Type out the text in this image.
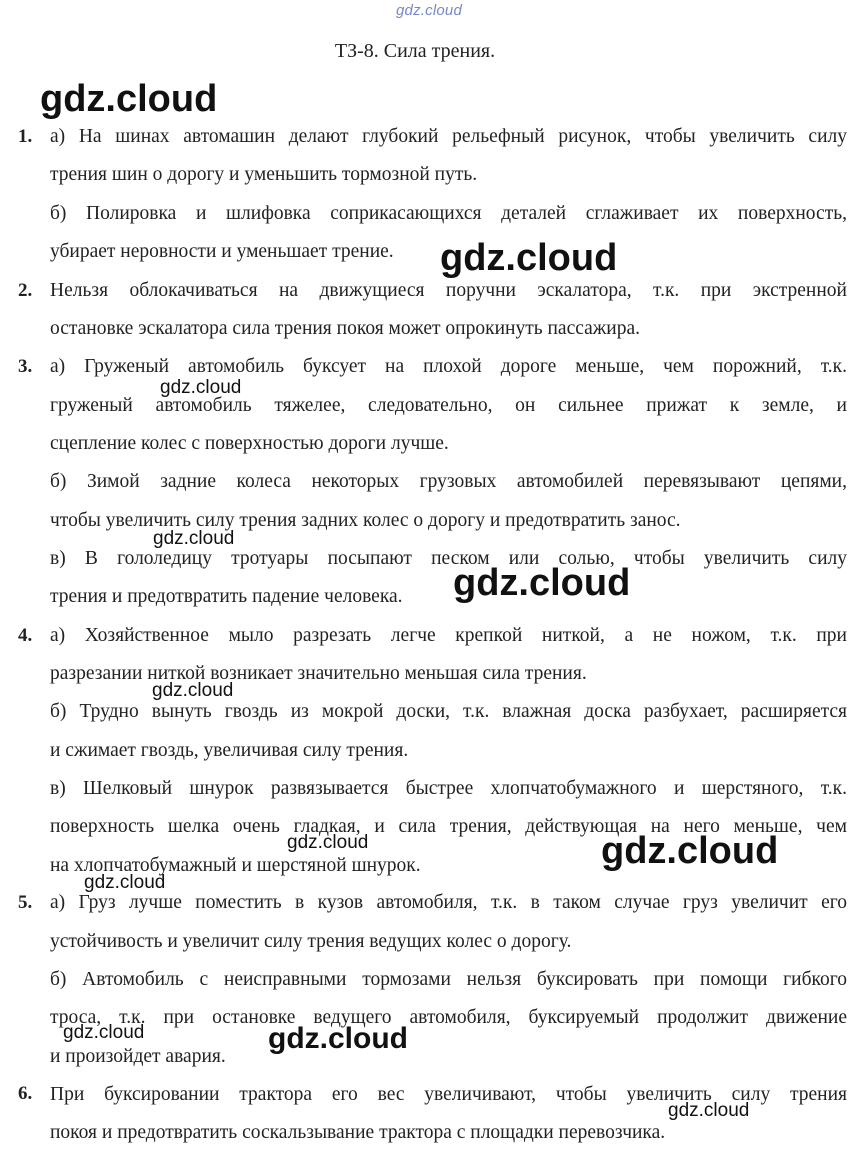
gdz.cloud
ТЗ-8. Сила трения.
1.
2.
3.
4.
5.
6.
а) На шинах автомашин делают глубокий рельефный рисунок, чтобы увеличить силу
трения шин о дорогу и уменьшить тормозной путь.
б) Полировка и шлифовка соприкасающихся деталей сглаживает их поверхность,
убирает неровности и уменьшает трение.
Нельзя облокачиваться на движущиеся поручни эскалатора, т.к. при экстренной
остановке эскалатора сила трения покоя может опрокинуть пассажира.
а) Груженый автомобиль буксует на плохой дороге меньше, чем порожний, т.к.
груженый автомобиль тяжелее, следовательно, он сильнее прижат к земле, и
сцепление колес с поверхностью дороги лучше.
б) Зимой задние колеса некоторых грузовых автомобилей перевязывают цепями,
чтобы увеличить силу трения задних колес о дорогу и предотвратить занос.
в) В гололедицу тротуары посыпают песком или солью, чтобы увеличить силу
трения и предотвратить падение человека.
а) Хозяйственное мыло разрезать легче крепкой ниткой, а не ножом, т.к. при
разрезании ниткой возникает значительно меньшая сила трения.
б) Трудно вынуть гвоздь из мокрой доски, т.к. влажная доска разбухает, расширяется
и сжимает гвоздь, увеличивая силу трения.
в) Шелковый шнурок развязывается быстрее хлопчатобумажного и шерстяного, т.к.
поверхность шелка очень гладкая, и сила трения, действующая на него меньше, чем
на хлопчатобумажный и шерстяной шнурок.
а) Груз лучше поместить в кузов автомобиля, т.к. в таком случае груз увеличит его
устойчивость и увеличит силу трения ведущих колес о дорогу.
б) Автомобиль с неисправными тормозами нельзя буксировать при помощи гибкого
троса, т.к. при остановке ведущего автомобиля, буксируемый продолжит движение
и произойдет авария.
При буксировании трактора его вес увеличивают, чтобы увеличить силу трения
покоя и предотвратить соскальзывание трактора с площадки перевозчика.
gdz.cloud
gdz.cloud
gdz.cloud
gdz.cloud
gdz.cloud
gdz.cloud
gdz.cloud	gdz.cloud
gdz.cloud
gdz.cloud	gdz.cloud
gdz.cloud
